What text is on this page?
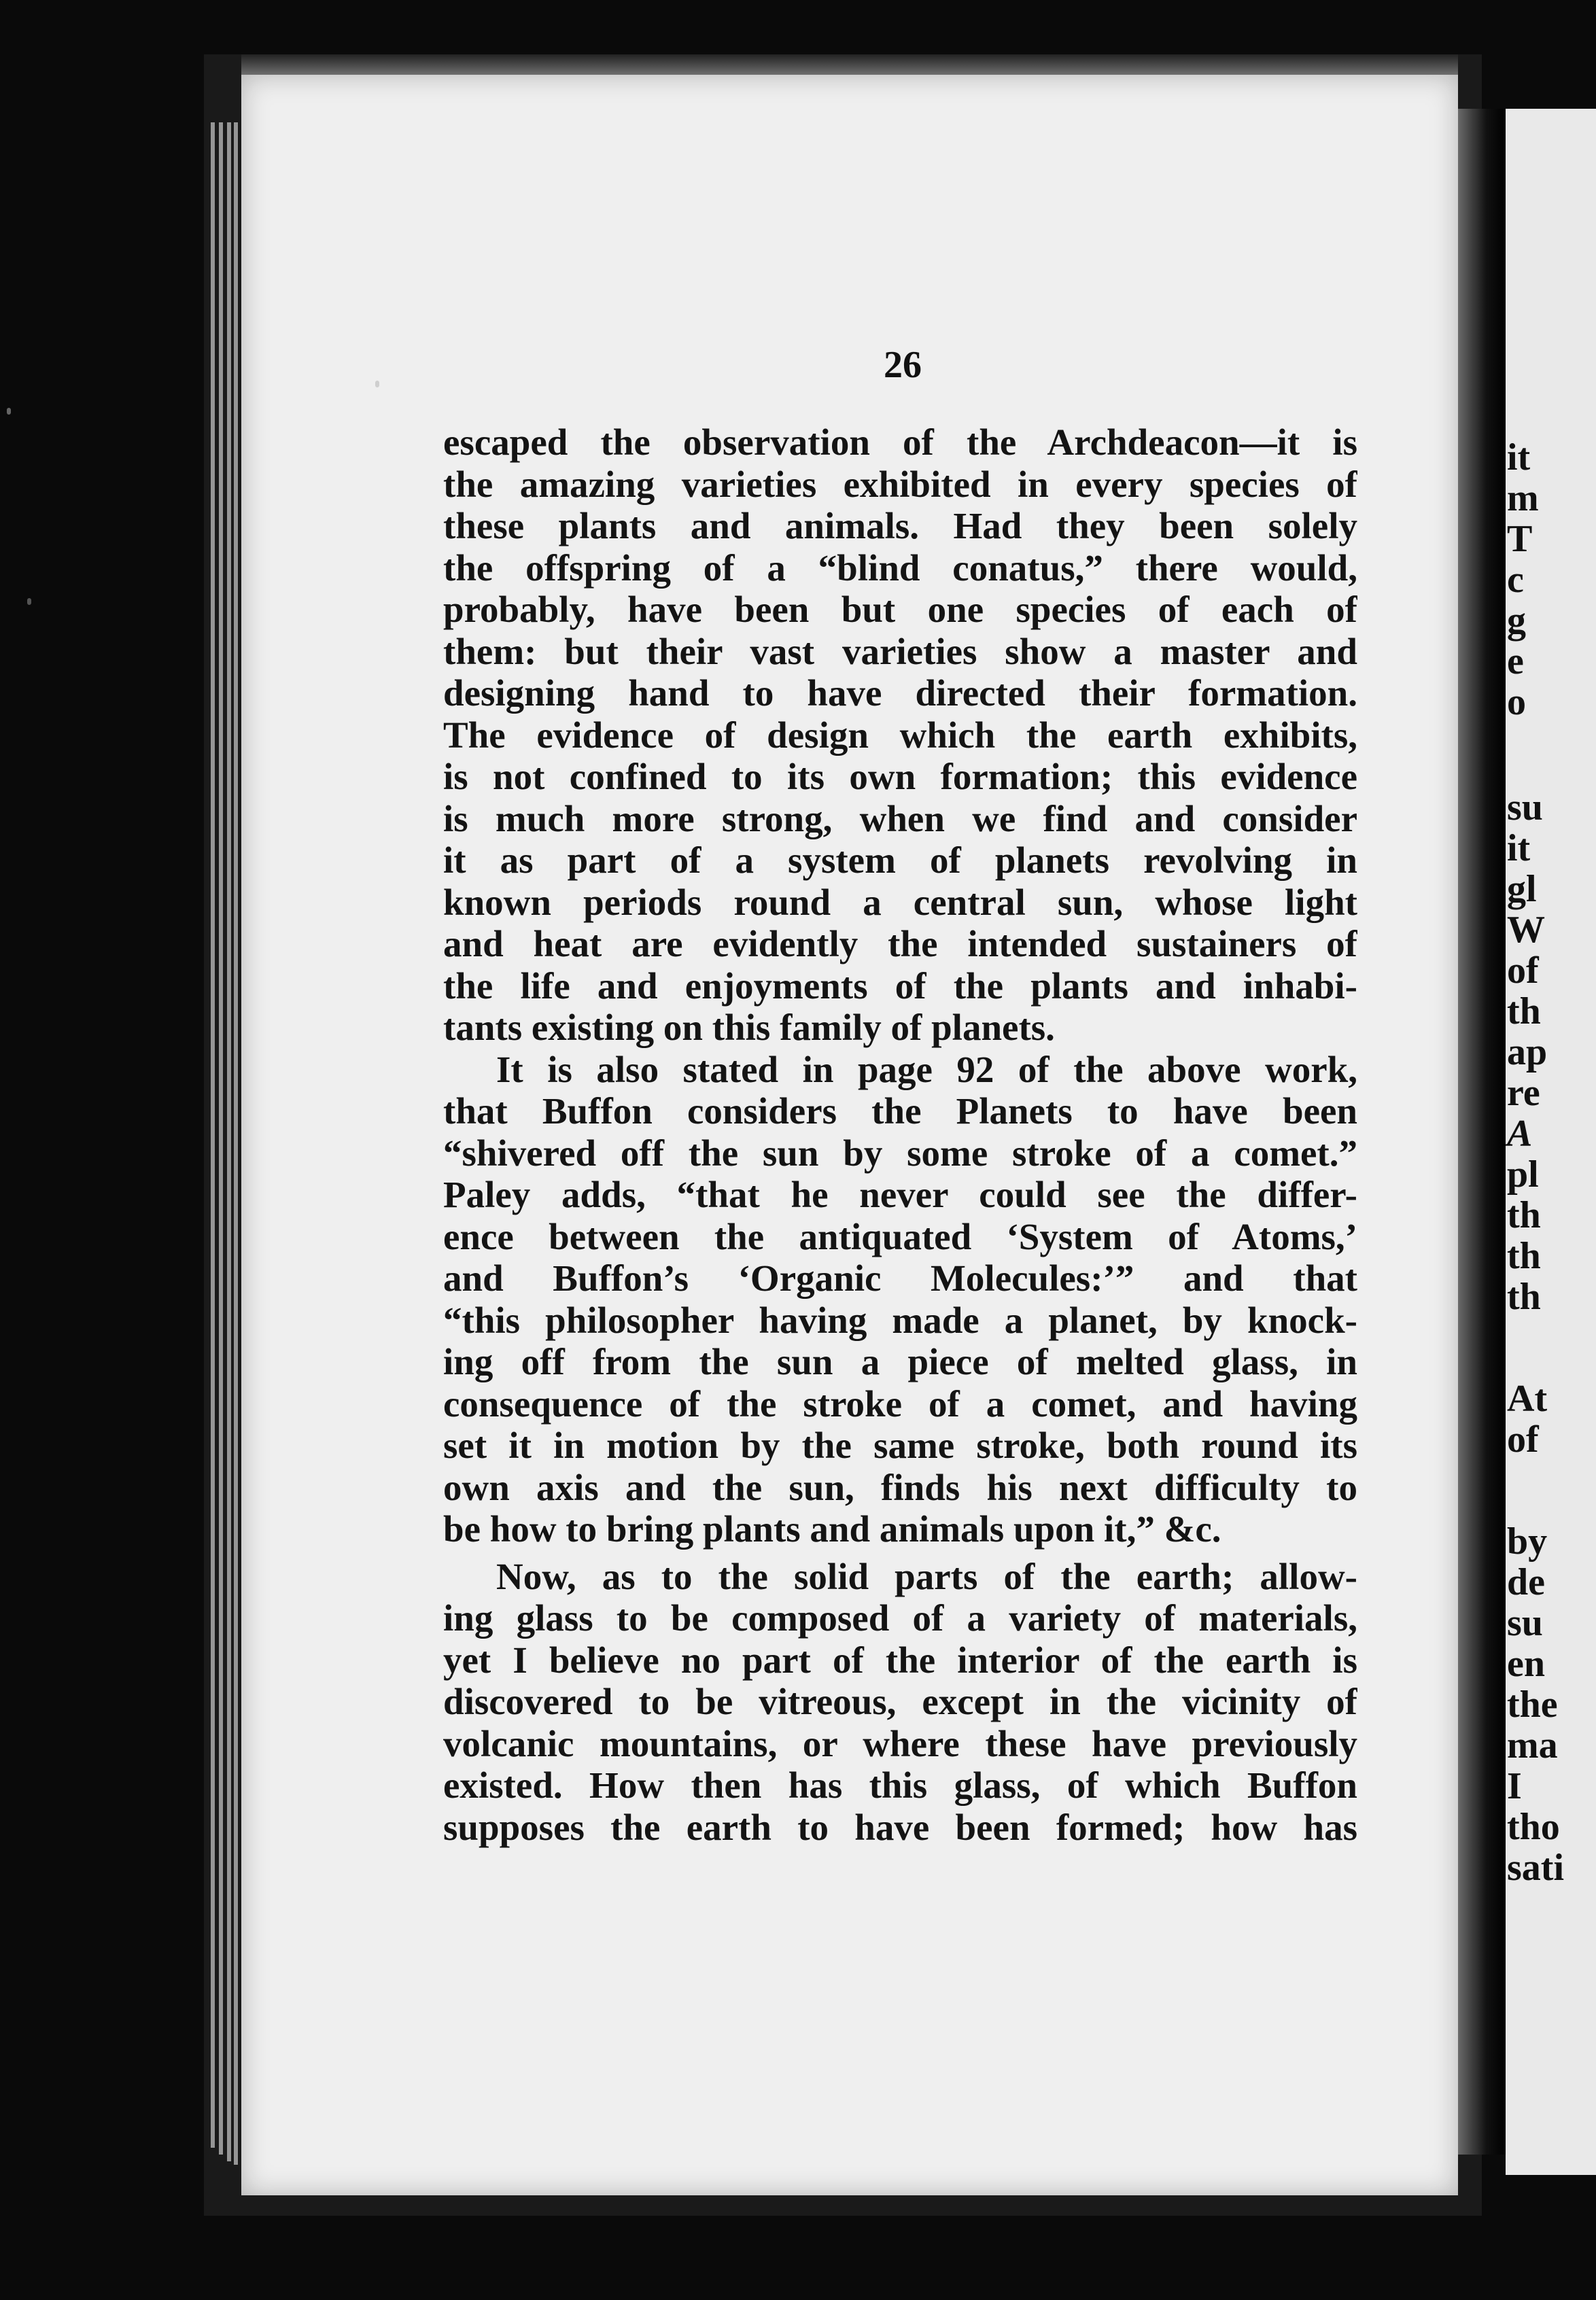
26
escaped the observation of the Archdeacon—it is
the amazing varieties exhibited in every species of
these plants and animals. Had they been solely
the offspring of a “blind conatus,” there would,
probably, have been but one species of each of
them: but their vast varieties show a master and
designing hand to have directed their formation.
The evidence of design which the earth exhibits,
is not confined to its own formation; this evidence
is much more strong, when we find and consider
it as part of a system of planets revolving in
known periods round a central sun, whose light
and heat are evidently the intended sustainers of
the life and enjoyments of the plants and inhabi-
tants existing on this family of planets.
It is also stated in page 92 of the above work,
that Buffon considers the Planets to have been
“shivered off the sun by some stroke of a comet.”
Paley adds, “that he never could see the differ-
ence between the antiquated ‘System of Atoms,’
and Buffon’s ‘Organic Molecules:’” and that
“this philosopher having made a planet, by knock-
ing off from the sun a piece of melted glass, in
consequence of the stroke of a comet, and having
set it in motion by the same stroke, both round its
own axis and the sun, finds his next difficulty to
be how to bring plants and animals upon it,” &c.
Now, as to the solid parts of the earth; allow-
ing glass to be composed of a variety of materials,
yet I believe no part of the interior of the earth is
discovered to be vitreous, except in the vicinity of
volcanic mountains, or where these have previously
existed. How then has this glass, of which Buffon
supposes the earth to have been formed; how has
it
m
T
c
g
e
o
su
it
gl
W
of
th
ap
re
A
pl
th
th
th
At
of
by
de
su
en
the
ma
I
tho
sati
